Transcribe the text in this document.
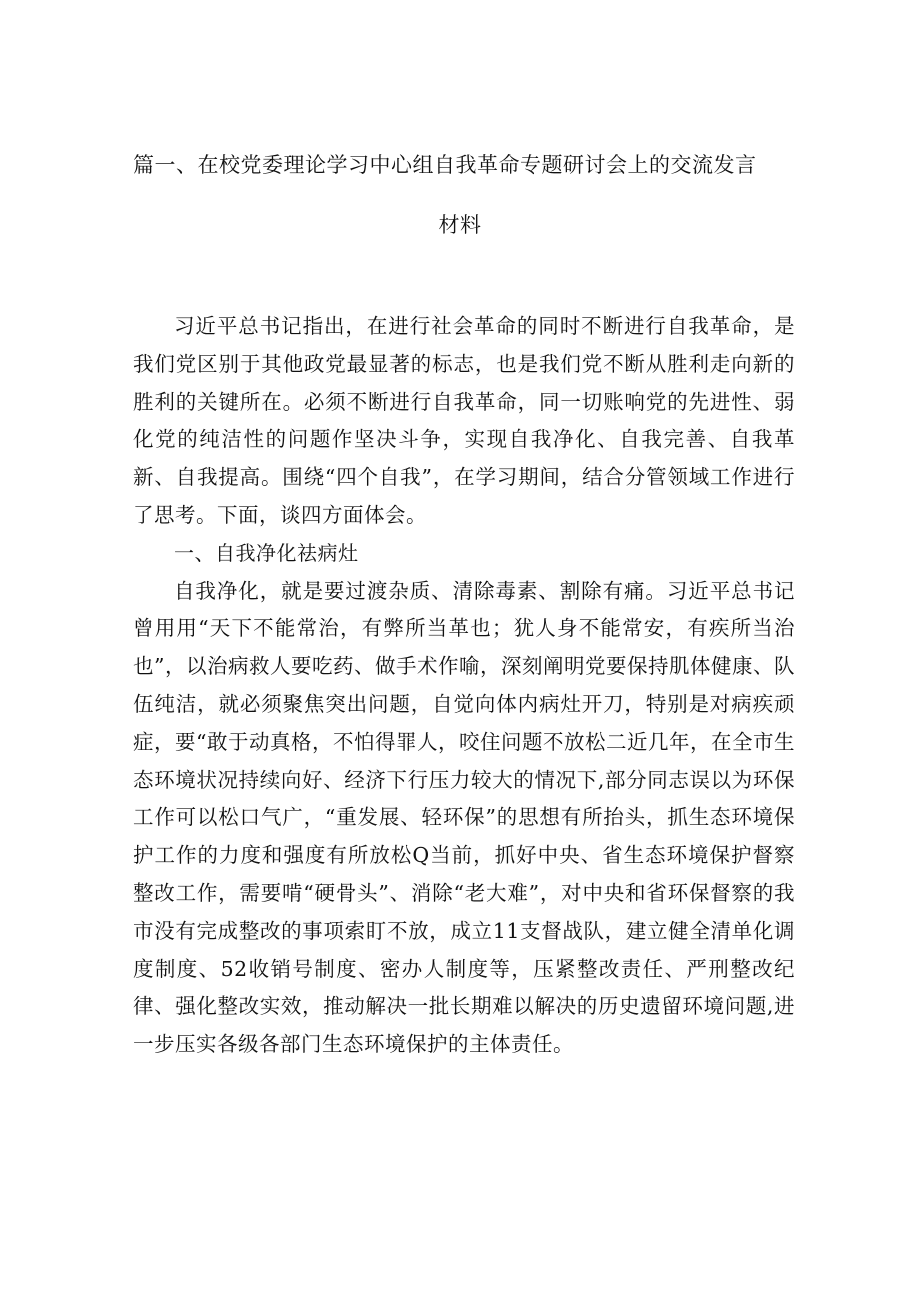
篇一、在校党委理论学习中心组自我革命专题研讨会上的交流发言
材料

习近平总书记指出，在进行社会革命的同时不断进行自我革命，是我们党区别于其他政党最显著的标志，也是我们党不断从胜利走向新的胜利的关键所在。必须不断进行自我革命，同一切账响党的先进性、弱化党的纯洁性的问题作坚决斗争，实现自我净化、自我完善、自我革新、自我提高。围绕“四个自我”，在学习期间，结合分管领域工作进行了思考。下面，谈四方面体会。

一、自我净化祛病灶

自我净化，就是要过渡杂质、清除毒素、割除有痛。习近平总书记曾用用“天下不能常治，有弊所当革也；犹人身不能常安，有疾所当治也”，以治病救人要吃药、做手术作喻，深刻阐明党要保持肌体健康、队伍纯洁，就必须聚焦突出问题，自觉向体内病灶开刀，特别是对病疾顽症，要“敢于动真格，不怕得罪人，咬住问题不放松二近几年，在全市生态环境状况持续向好、经济下行压力较大的情况下,部分同志误以为环保工作可以松口气广，“重发展、轻环保”的思想有所抬头，抓生态环境保护工作的力度和强度有所放松Q当前，抓好中央、省生态环境保护督察整改工作，需要啃“硬骨头”、消除“老大难”，对中央和省环保督察的我市没有完成整改的事项索盯不放，成立11支督战队，建立健全清单化调度制度、52收销号制度、密办人制度等，压紧整改责任、严刑整改纪律、强化整改实效，推动解决一批长期难以解决的历史遗留环境问题,进一步压实各级各部门生态环境保护的主体责任。
